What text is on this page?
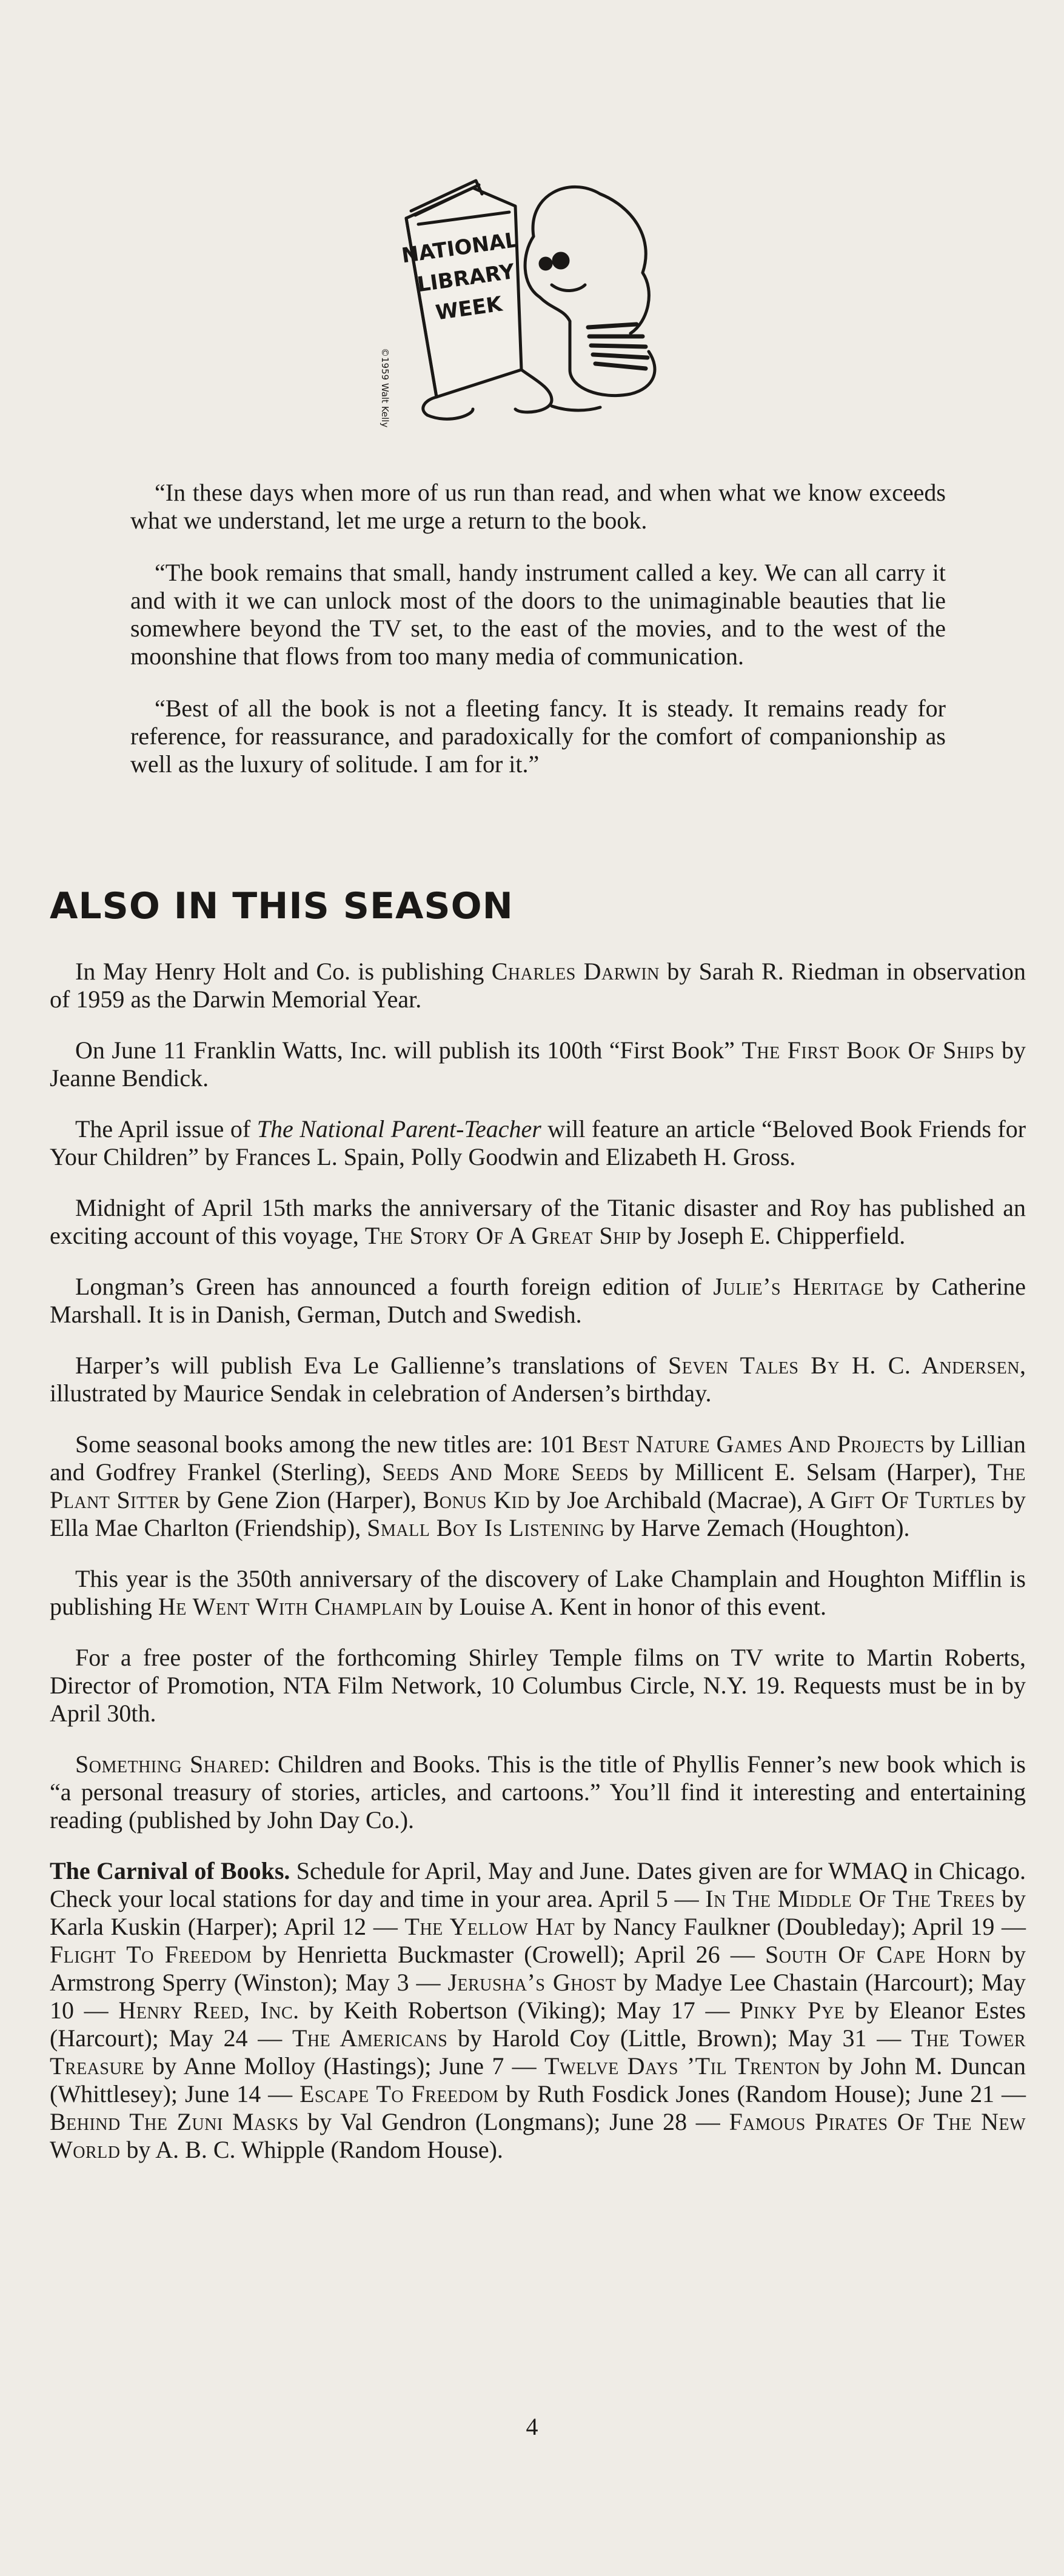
NATIONAL
LIBRARY
WEEK
©1959 Walt Kelly

“In these days when more of us run than read, and when what we know exceeds what we understand, let me urge a return to the book.

“The book remains that small, handy instrument called a key. We can all carry it and with it we can unlock most of the doors to the unimaginable beauties that lie somewhere beyond the TV set, to the east of the movies, and to the west of the moonshine that flows from too many media of communication.

“Best of all the book is not a fleeting fancy. It is steady. It remains ready for reference, for reassurance, and paradoxically for the comfort of companionship as well as the luxury of solitude. I am for it.”

ALSO IN THIS SEASON

In May Henry Holt and Co. is publishing Charles Darwin by Sarah R. Riedman in observation of 1959 as the Darwin Memorial Year.

On June 11 Franklin Watts, Inc. will publish its 100th “First Book” The First Book Of Ships by Jeanne Bendick.

The April issue of The National Parent-Teacher will feature an article “Beloved Book Friends for Your Children” by Frances L. Spain, Polly Goodwin and Elizabeth H. Gross.

Midnight of April 15th marks the anniversary of the Titanic disaster and Roy has published an exciting account of this voyage, The Story Of A Great Ship by Joseph E. Chipperfield.

Longman’s Green has announced a fourth foreign edition of Julie’s Heritage by Catherine Marshall. It is in Danish, German, Dutch and Swedish.

Harper’s will publish Eva Le Gallienne’s translations of Seven Tales By H. C. Andersen, illustrated by Maurice Sendak in celebration of Andersen’s birthday.

Some seasonal books among the new titles are: 101 Best Nature Games And Projects by Lillian and Godfrey Frankel (Sterling), Seeds And More Seeds by Millicent E. Selsam (Harper), The Plant Sitter by Gene Zion (Harper), Bonus Kid by Joe Archibald (Macrae), A Gift Of Turtles by Ella Mae Charlton (Friendship), Small Boy Is Listening by Harve Zemach (Houghton).

This year is the 350th anniversary of the discovery of Lake Champlain and Houghton Mifflin is publishing He Went With Champlain by Louise A. Kent in honor of this event.

For a free poster of the forthcoming Shirley Temple films on TV write to Martin Roberts, Director of Promotion, NTA Film Network, 10 Columbus Circle, N.Y. 19. Requests must be in by April 30th.

Something Shared: Children and Books. This is the title of Phyllis Fenner’s new book which is “a personal treasury of stories, articles, and cartoons.” You’ll find it interesting and entertaining reading (published by John Day Co.).

The Carnival of Books. Schedule for April, May and June. Dates given are for WMAQ in Chicago. Check your local stations for day and time in your area. April 5 — In The Middle Of The Trees by Karla Kuskin (Harper); April 12 — The Yellow Hat by Nancy Faulkner (Doubleday); April 19 — Flight To Freedom by Henrietta Buckmaster (Crowell); April 26 — South Of Cape Horn by Armstrong Sperry (Winston); May 3 — Jerusha’s Ghost by Madye Lee Chastain (Harcourt); May 10 — Henry Reed, Inc. by Keith Robertson (Viking); May 17 — Pinky Pye by Eleanor Estes (Harcourt); May 24 — The Americans by Harold Coy (Little, Brown); May 31 — The Tower Treasure by Anne Molloy (Hastings); June 7 — Twelve Days ’Til Trenton by John M. Duncan (Whittlesey); June 14 — Escape To Freedom by Ruth Fosdick Jones (Random House); June 21 — Behind The Zuni Masks by Val Gendron (Longmans); June 28 — Famous Pirates Of The New World by A. B. C. Whipple (Random House).

4
